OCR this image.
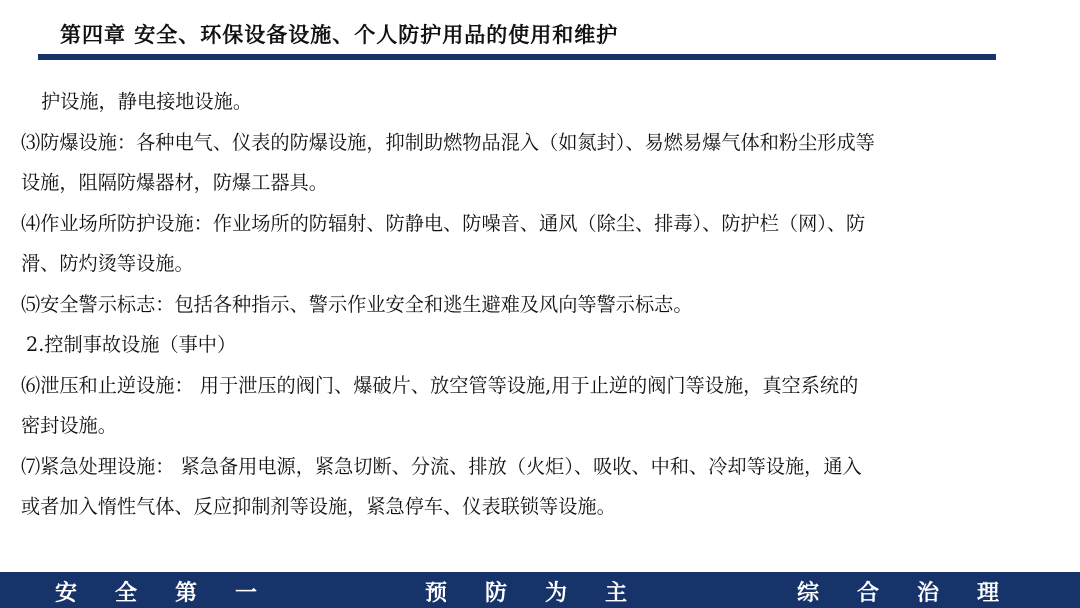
第四章 安全、环保设备设施、个人防护用品的使用和维护

护设施，静电接地设施。

⑶防爆设施：各种电气、仪表的防爆设施，抑制助燃物品混入（如氮封）、易燃易爆气体和粉尘形成等

设施，阻隔防爆器材，防爆工器具。

⑷作业场所防护设施：作业场所的防辐射、防静电、防噪音、通风（除尘、排毒）、防护栏（网）、防

滑、防灼烫等设施。

⑸安全警示标志：包括各种指示、警示作业安全和逃生避难及风向等警示标志。

2.控制事故设施（事中）

⑹泄压和止逆设施： 用于泄压的阀门、爆破片、放空管等设施,用于止逆的阀门等设施，真空系统的

密封设施。

⑺紧急处理设施： 紧急备用电源，紧急切断、分流、排放（火炬）、吸收、中和、冷却等设施，通入

或者加入惰性气体、反应抑制剂等设施，紧急停车、仪表联锁等设施。

安全第一	预防为主	综合治理
